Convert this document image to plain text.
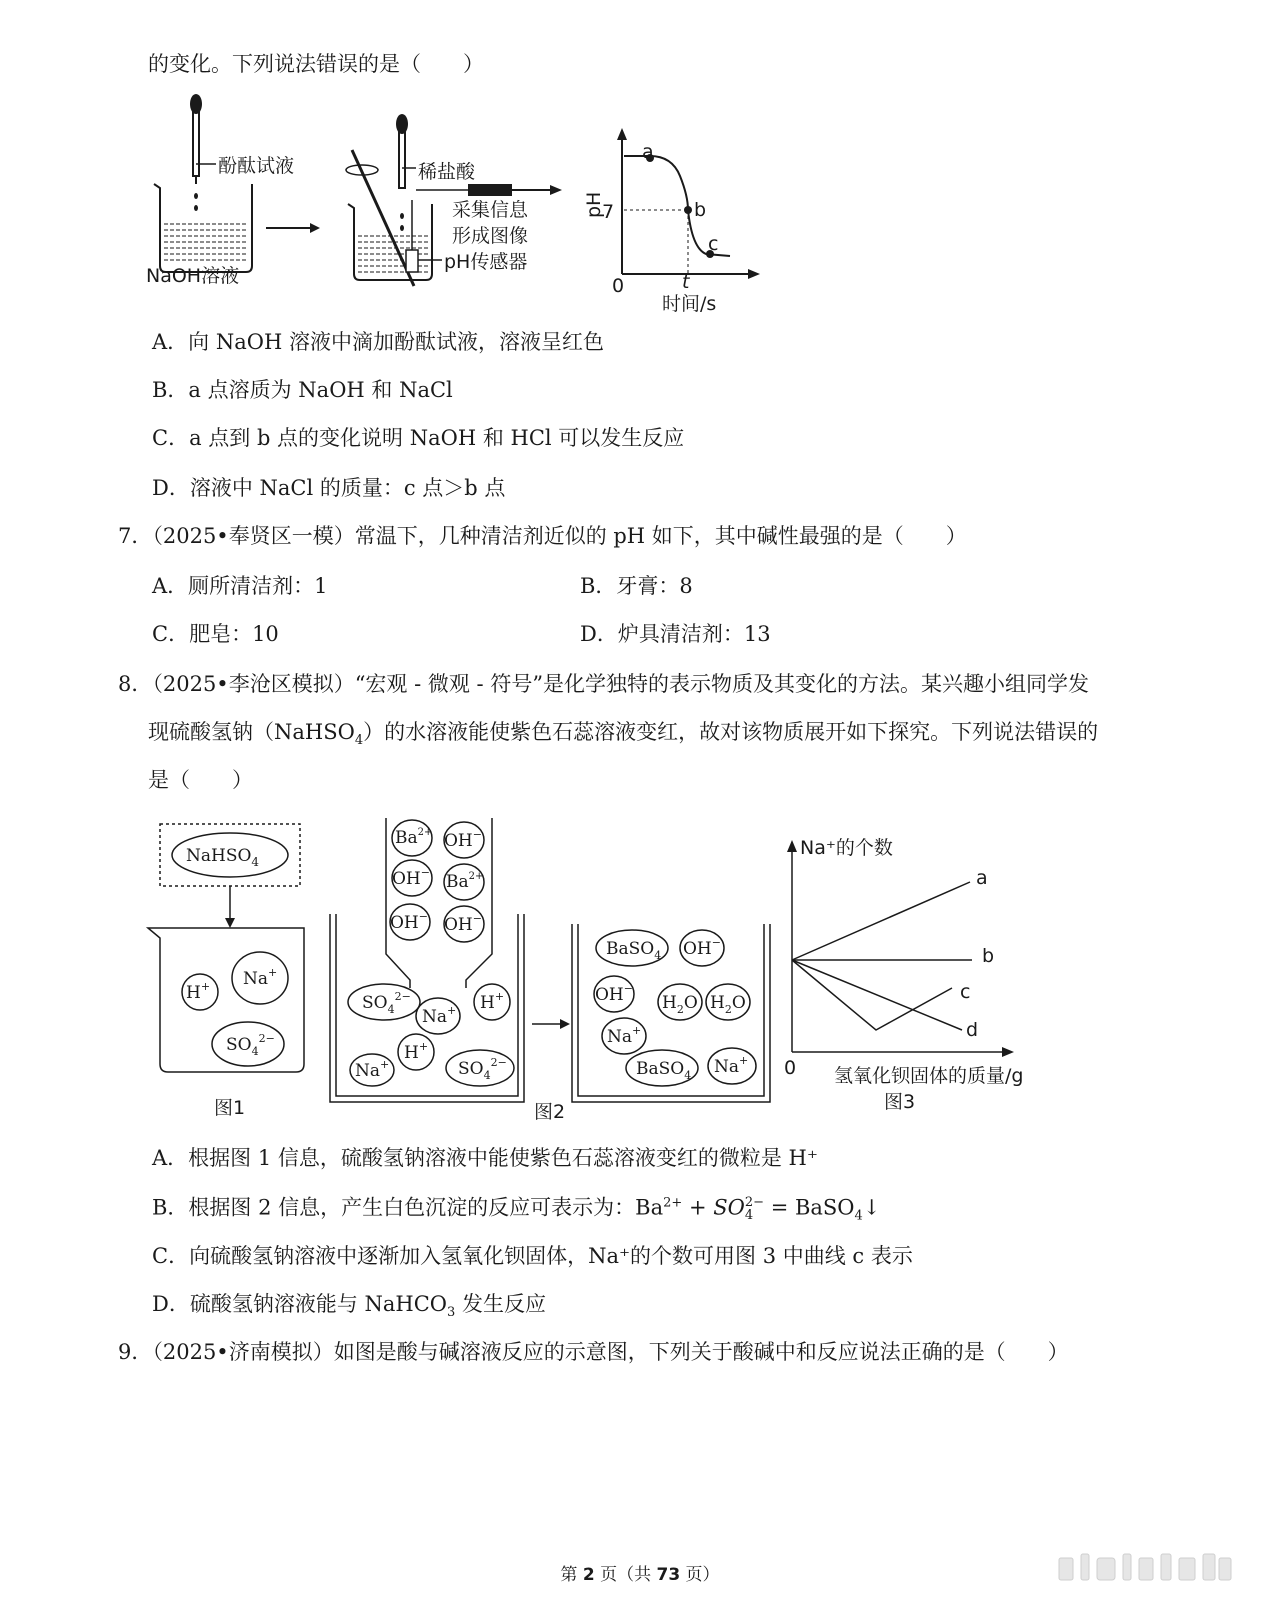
的变化。下列说法错误的是（　　）
酚酞试液
NaOH溶液
稀盐酸
采集信息
形成图像
pH传感器
a
b
c
7
pH
0	t
时间/s
A．向 NaOH 溶液中滴加酚酞试液，溶液呈红色
B．a 点溶质为 NaOH 和 NaCl
C．a 点到 b 点的变化说明 NaOH 和 HCl 可以发生反应
D．溶液中 NaCl 的质量：c 点＞b 点
7．（2025•奉贤区一模）常温下，几种清洁剂近似的 pH 如下，其中碱性最强的是（　　）
A．厕所清洁剂：1	B．牙膏：8
C．肥皂：10	D．炉具清洁剂：13
8．（2025•李沧区模拟）“宏观 - 微观 - 符号”是化学独特的表示物质及其变化的方法。某兴趣小组同学发
现硫酸氢钠（NaHSO$_4$）的水溶液能使紫色石蕊溶液变红，故对该物质展开如下探究。下列说法错误的
是（　　）
NaHSO$_4$
H+ Na+
$SO_4^{2-}$
图1
$Ba^{2+}$ OH−
OH− $Ba^{2+}$
OH− OH−
$SO_4^{2-}$
Na+ H+
H+
Na+	$SO_4^{2-}$
图2
BaSO$_4$ OH−
OH−
$H_2O$ $H_2O$
Na+
BaSO$_4$ Na+
Na⁺的个数
a
b
c
d
0 氢氧化钡固体的质量/g
图3
A．根据图 1 信息，硫酸氢钠溶液中能使紫色石蕊溶液变红的微粒是 H⁺
B．根据图 2 信息，产生白色沉淀的反应可表示为：$Ba^{2+}$ + SO 2−
4 = BaSO$_4$↓
C．向硫酸氢钠溶液中逐渐加入氢氧化钡固体，Na⁺的个数可用图 3 中曲线 c 表示
D．硫酸氢钠溶液能与 NaHCO$_3$ 发生反应
9．（2025•济南模拟）如图是酸与碱溶液反应的示意图，下列关于酸碱中和反应说法正确的是（　　）
第 2 页（共 73 页）
